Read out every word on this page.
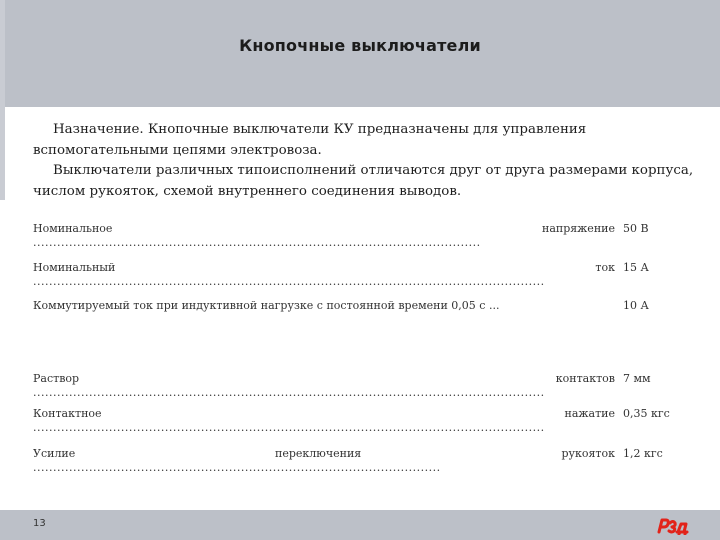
Кнопочные выключатели

Назначение. Кнопочные выключатели КУ предназначены для управления вспомогательными цепями электровоза.

Выключатели различных типоисполнений отличаются друг от друга размерами корпуса, числом рукояток, схемой внутреннего соединения выводов.

Номинальное	напряжение 50 В
................................................................................................................
Номинальный	ток 15 А
................................................................................................................................
Коммутируемый ток при индуктивной нагрузке с постоянной времени 0,05 с ...	10 А
Раствор	контактов 7 мм
................................................................................................................................
Контактное	нажатие 0,35 кгс
................................................................................................................................
Усилие	переключения	рукояток 1,2 кгс
......................................................................................................
13
